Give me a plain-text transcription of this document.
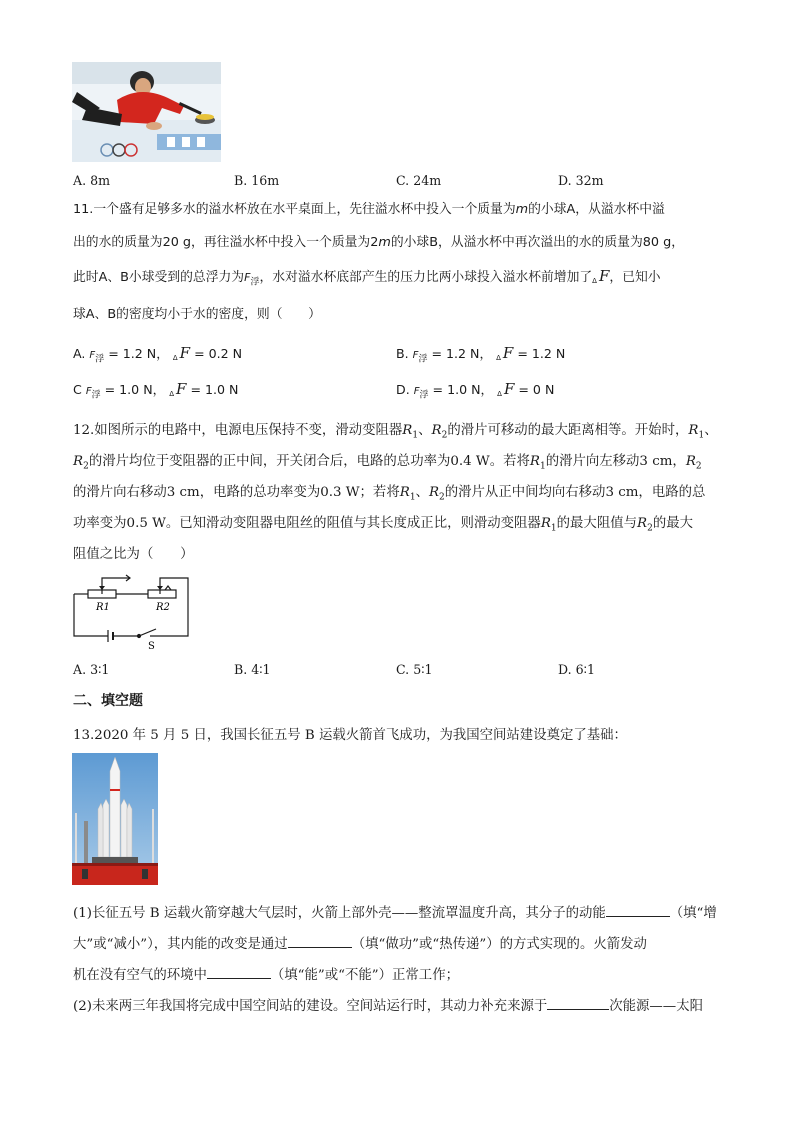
A. 8m	B. 16m	C. 24m	D. 32m
11.一个盛有足够多水的溢水杯放在水平桌面上，先往溢水杯中投入一个质量为m的小球A，从溢水杯中溢
出的水的质量为20 g，再往溢水杯中投入一个质量为2m的小球B，从溢水杯中再次溢出的水的质量为80 g，
此时A、B小球受到的总浮力为$F_浮$，水对溢水杯底部产生的压力比两小球投入溢水杯前增加了Δ F，已知小
球A、B的密度均小于水的密度，则（　　）
A. $F_浮 = 1.2$ N， Δ F = 0.2 N	B. $F_浮 = 1.2$ N， Δ F = 1.2 N
C $F_浮 = 1.0$ N， Δ F = 1.0 N	D. $F_浮 = 1.0$ N， Δ F = 0 N
12.如图所示的电路中，电源电压保持不变，滑动变阻器$R_1$、$R_2$的滑片可移动的最大距离相等。开始时，$R_1$、
$R_2$的滑片均位于变阻器的正中间，开关闭合后，电路的总功率为0.4 W。若将$R_1$的滑片向左移动3 cm，$R_2$
的滑片向右移动3 cm，电路的总功率变为0.3 W；若将$R_1$、$R_2$的滑片从正中间均向右移动3 cm，电路的总
功率变为0.5 W。已知滑动变阻器电阻丝的阻值与其长度成正比，则滑动变阻器$R_1$的最大阻值与$R_2$的最大
阻值之比为（　　）
R1	R2
S
A. 3∶1	B. 4∶1	C. 5∶1	D. 6∶1
二、填空题
13.2020 年 5 月 5 日，我国长征五号 B 运载火箭首飞成功，为我国空间站建设奠定了基础：
(1)长征五号 B 运载火箭穿越大气层时，火箭上部外壳——整流罩温度升高，其分子的动能	（填“增
大”或“减小”），其内能的改变是通过	（填“做功”或“热传递”）的方式实现的。火箭发动
机在没有空气的环境中	（填“能”或“不能”）正常工作；
(2)未来两三年我国将完成中国空间站的建设。空间站运行时，其动力补充来源于	次能源——太阳
